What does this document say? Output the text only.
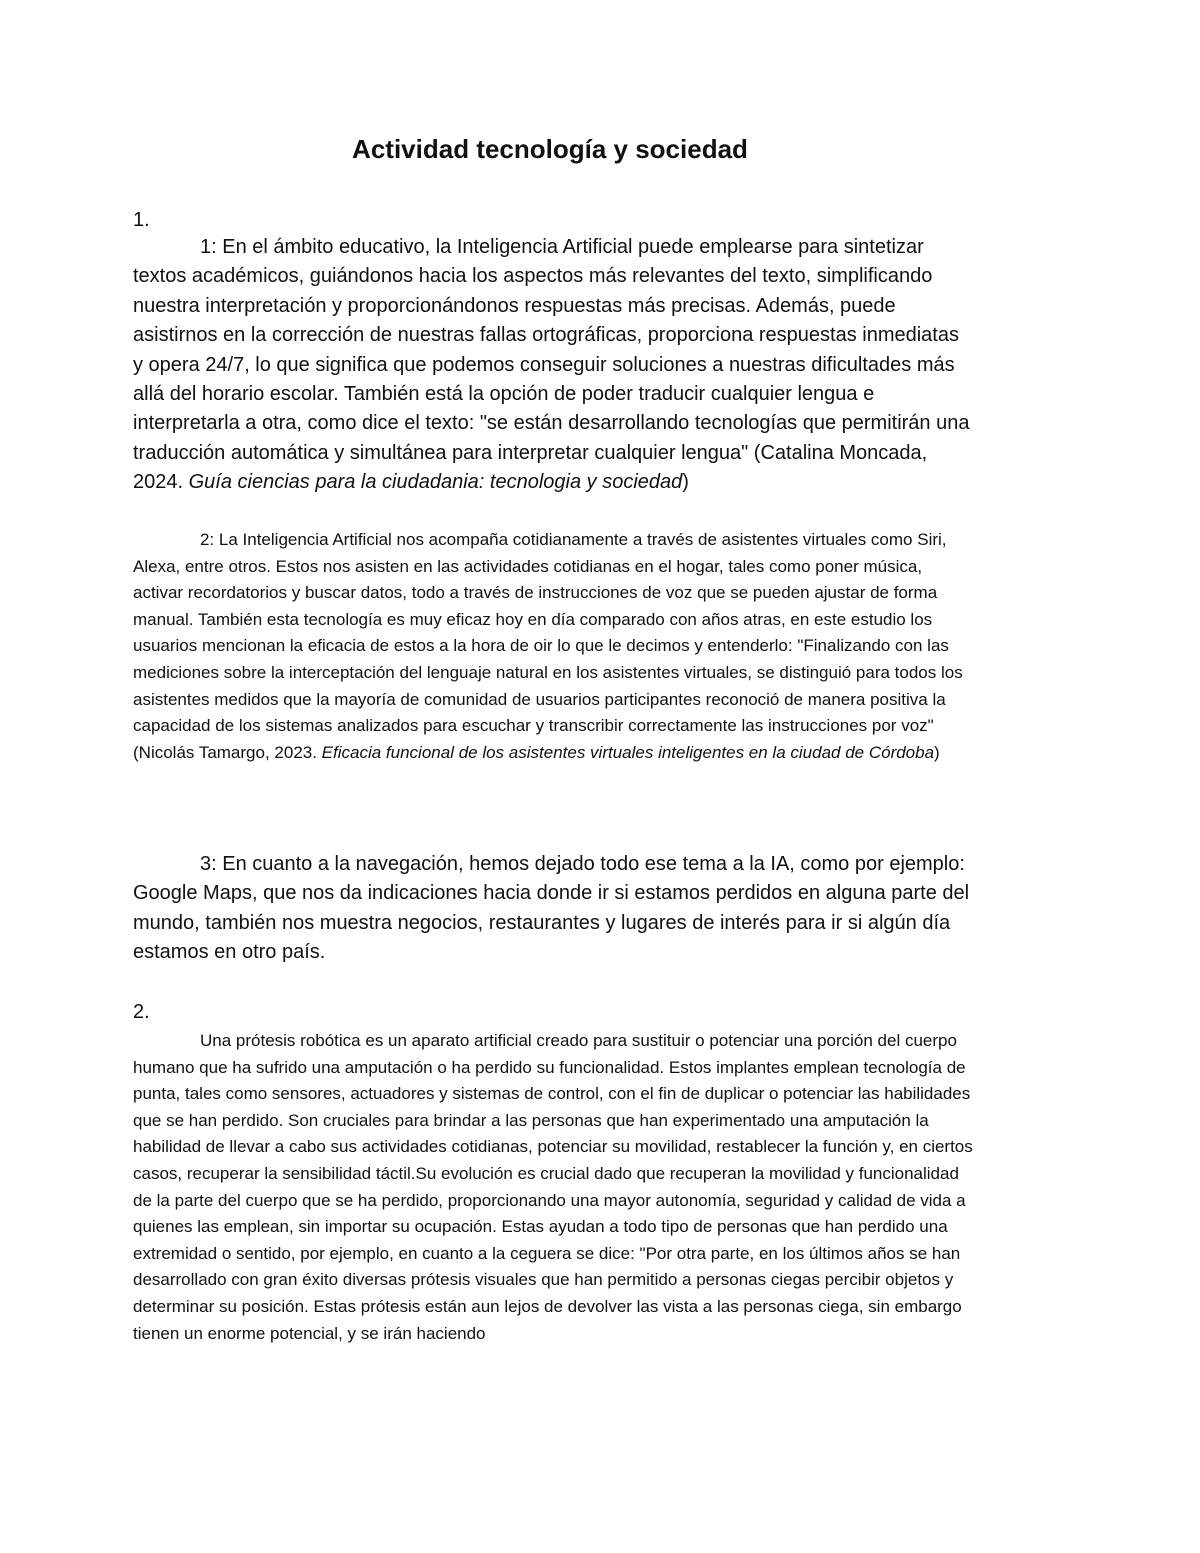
Actividad tecnología y sociedad
1.

1: En el ámbito educativo, la Inteligencia Artificial puede emplearse para sintetizar textos académicos, guiándonos hacia los aspectos más relevantes del texto, simplificando nuestra interpretación y proporcionándonos respuestas más precisas. Además, puede asistirnos en la corrección de nuestras fallas ortográficas, proporciona respuestas inmediatas y opera 24/7, lo que significa que podemos conseguir soluciones a nuestras dificultades más allá del horario escolar. También está la opción de poder traducir cualquier lengua e interpretarla a otra, como dice el texto: "se están desarrollando tecnologías que permitirán una traducción automática y simultánea para interpretar cualquier lengua" (Catalina Moncada, 2024. Guía ciencias para la ciudadania: tecnologia y sociedad)

2: La Inteligencia Artificial nos acompaña cotidianamente a través de asistentes virtuales como Siri, Alexa, entre otros. Estos nos asisten en las actividades cotidianas en el hogar, tales como poner música, activar recordatorios y buscar datos, todo a través de instrucciones de voz que se pueden ajustar de forma manual. También esta tecnología es muy eficaz hoy en día comparado con años atras, en este estudio los usuarios mencionan la eficacia de estos a la hora de oir lo que le decimos y entenderlo: "Finalizando con las mediciones sobre la interceptación del lenguaje natural en los asistentes virtuales, se distinguió para todos los asistentes medidos que la mayoría de comunidad de usuarios participantes reconoció de manera positiva la capacidad de los sistemas analizados para escuchar y transcribir correctamente las instrucciones por voz" (Nicolás Tamargo, 2023. Eficacia funcional de los asistentes virtuales inteligentes en la ciudad de Córdoba)

3: En cuanto a la navegación, hemos dejado todo ese tema a la IA, como por ejemplo: Google Maps, que nos da indicaciones hacia donde ir si estamos perdidos en alguna parte del mundo, también nos muestra negocios, restaurantes y lugares de interés para ir si algún día estamos en otro país.

2.

Una prótesis robótica es un aparato artificial creado para sustituir o potenciar una porción del cuerpo humano que ha sufrido una amputación o ha perdido su funcionalidad. Estos implantes emplean tecnología de punta, tales como sensores, actuadores y sistemas de control, con el fin de duplicar o potenciar las habilidades que se han perdido. Son cruciales para brindar a las personas que han experimentado una amputación la habilidad de llevar a cabo sus actividades cotidianas, potenciar su movilidad, restablecer la función y, en ciertos casos, recuperar la sensibilidad táctil.Su evolución es crucial dado que recuperan la movilidad y funcionalidad de la parte del cuerpo que se ha perdido, proporcionando una mayor autonomía, seguridad y calidad de vida a quienes las emplean, sin importar su ocupación. Estas ayudan a todo tipo de personas que han perdido una extremidad o sentido, por ejemplo, en cuanto a la ceguera se dice: "Por otra parte, en los últimos años se han desarrollado con gran éxito diversas prótesis visuales que han permitido a personas ciegas percibir objetos y determinar su posición. Estas prótesis están aun lejos de devolver las vista a las personas ciega, sin embargo tienen un enorme potencial, y se irán haciendo
